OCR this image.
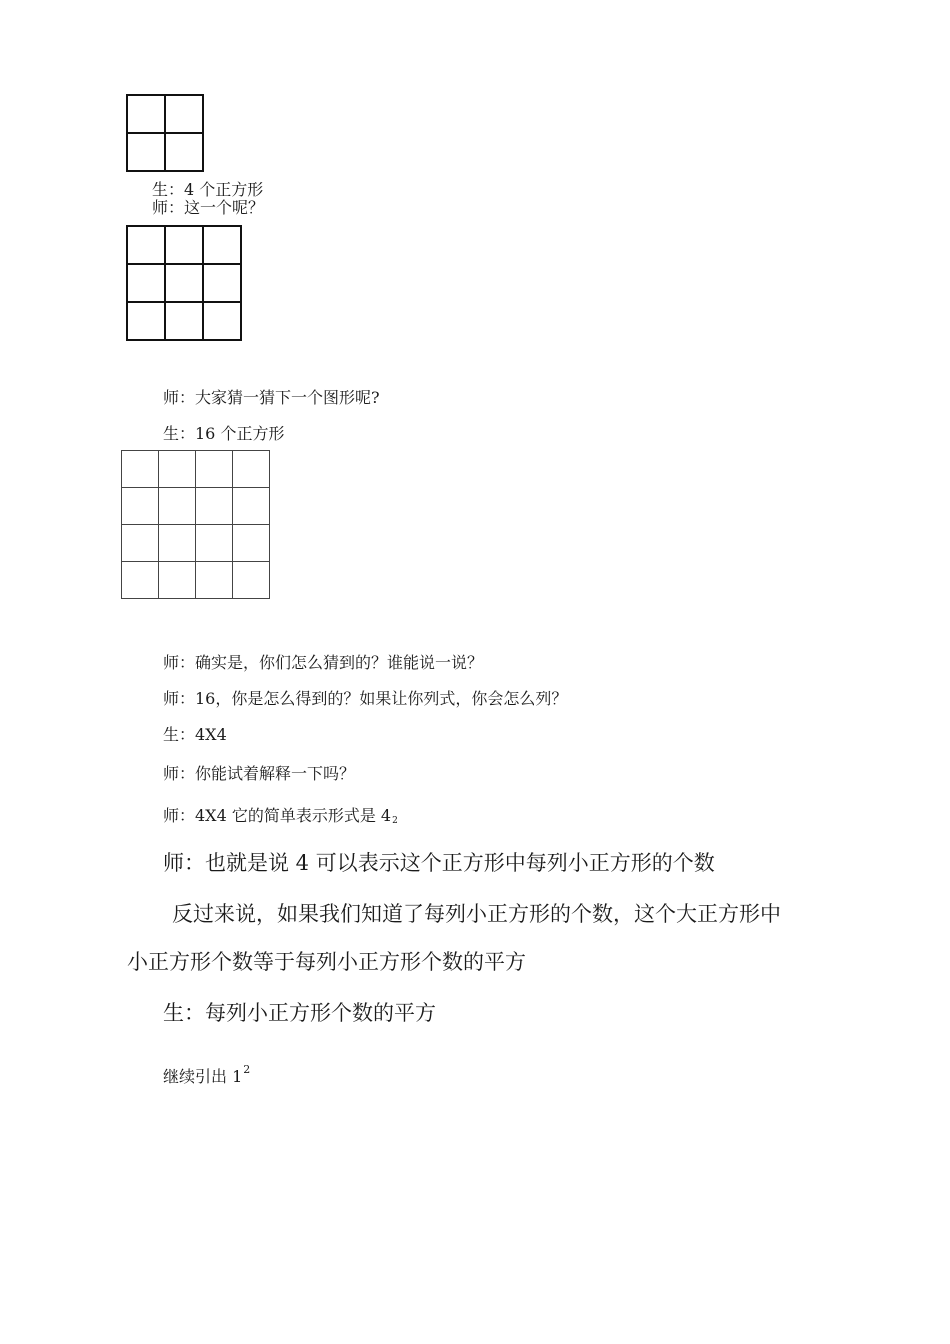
生：4 个正方形
师：这一个呢？

师：大家猜一猜下一个图形呢?
生：16 个正方形

师：确实是，你们怎么猜到的？谁能说一说？
师：16，你是怎么得到的？如果让你列式，你会怎么列？
生：4X4
师：你能试着解释一下吗？
师：4X4 它的简单表示形式是 $4_2$
师：也就是说 4 可以表示这个正方形中每列小正方形的个数
反过来说，如果我们知道了每列小正方形的个数，这个大正方形中
小正方形个数等于每列小正方形个数的平方
生：每列小正方形个数的平方
继续引出 $1^2$
